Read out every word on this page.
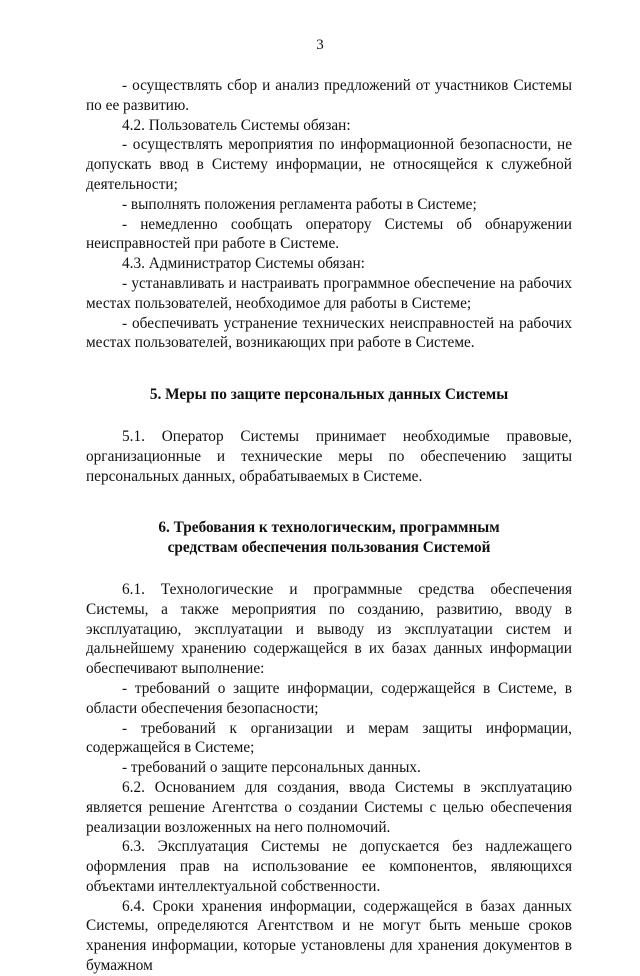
3

- осуществлять сбор и анализ предложений от участников Системы по ее развитию.

4.2. Пользователь Системы обязан:

- осуществлять мероприятия по информационной безопасности, не допускать ввод в Систему информации, не относящейся к служебной деятельности;

- выполнять положения регламента работы в Системе;

- немедленно сообщать оператору Системы об обнаружении неисправностей при работе в Системе.

4.3. Администратор Системы обязан:

- устанавливать и настраивать программное обеспечение на рабочих местах пользователей, необходимое для работы в Системе;

- обеспечивать устранение технических неисправностей на рабочих местах пользователей, возникающих при работе в Системе.

5. Меры по защите персональных данных Системы

5.1. Оператор Системы принимает необходимые правовые, организационные и технические меры по обеспечению защиты персональных данных, обрабатываемых в Системе.

6. Требования к технологическим, программным
средствам обеспечения пользования Системой

6.1. Технологические и программные средства обеспечения Системы, а также мероприятия по созданию, развитию, вводу в эксплуатацию, эксплуатации и выводу из эксплуатации систем и дальнейшему хранению содержащейся в их базах данных информации обеспечивают выполнение:

- требований о защите информации, содержащейся в Системе, в области обеспечения безопасности;

- требований к организации и мерам защиты информации, содержащейся в Системе;

- требований о защите персональных данных.

6.2. Основанием для создания, ввода Системы в эксплуатацию является решение Агентства о создании Системы с целью обеспечения реализации возложенных на него полномочий.

6.3. Эксплуатация Системы не допускается без надлежащего оформления прав на использование ее компонентов, являющихся объектами интеллектуальной собственности.

6.4. Сроки хранения информации, содержащейся в базах данных Системы, определяются Агентством и не могут быть меньше сроков хранения информации, которые установлены для хранения документов в бумажном
